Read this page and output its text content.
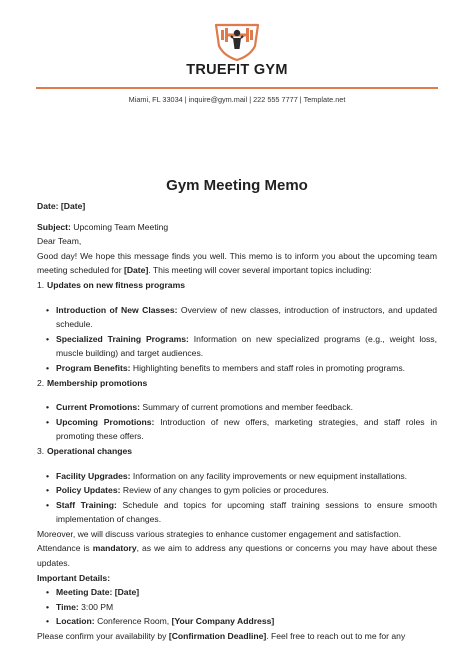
TRUEFIT GYM
Miami, FL 33034 | inquire@gym.mail | 222 555 7777 | Template.net
Gym Meeting Memo

Date: [Date]

Subject: Upcoming Team Meeting

Dear Team,

Good day! We hope this message finds you well. This memo is to inform you about the upcoming team meeting scheduled for [Date]. This meeting will cover several important topics including:

1. Updates on new fitness programs
• Introduction of New Classes: Overview of new classes, introduction of instructors, and updated schedule.
• Specialized Training Programs: Information on new specialized programs (e.g., weight loss, muscle building) and target audiences.
• Program Benefits: Highlighting benefits to members and staff roles in promoting programs.
2. Membership promotions
• Current Promotions: Summary of current promotions and member feedback.
• Upcoming Promotions: Introduction of new offers, marketing strategies, and staff roles in promoting these offers.
3. Operational changes
• Facility Upgrades: Information on any facility improvements or new equipment installations.
• Policy Updates: Review of any changes to gym policies or procedures.
• Staff Training: Schedule and topics for upcoming staff training sessions to ensure smooth implementation of changes.

Moreover, we will discuss various strategies to enhance customer engagement and satisfaction.

Attendance is mandatory, as we aim to address any questions or concerns you may have about these updates.

Important Details:

• Meeting Date: [Date]
• Time: 3:00 PM
• Location: Conference Room, [Your Company Address]

Please confirm your availability by [Confirmation Deadline]. Feel free to reach out to me for any
